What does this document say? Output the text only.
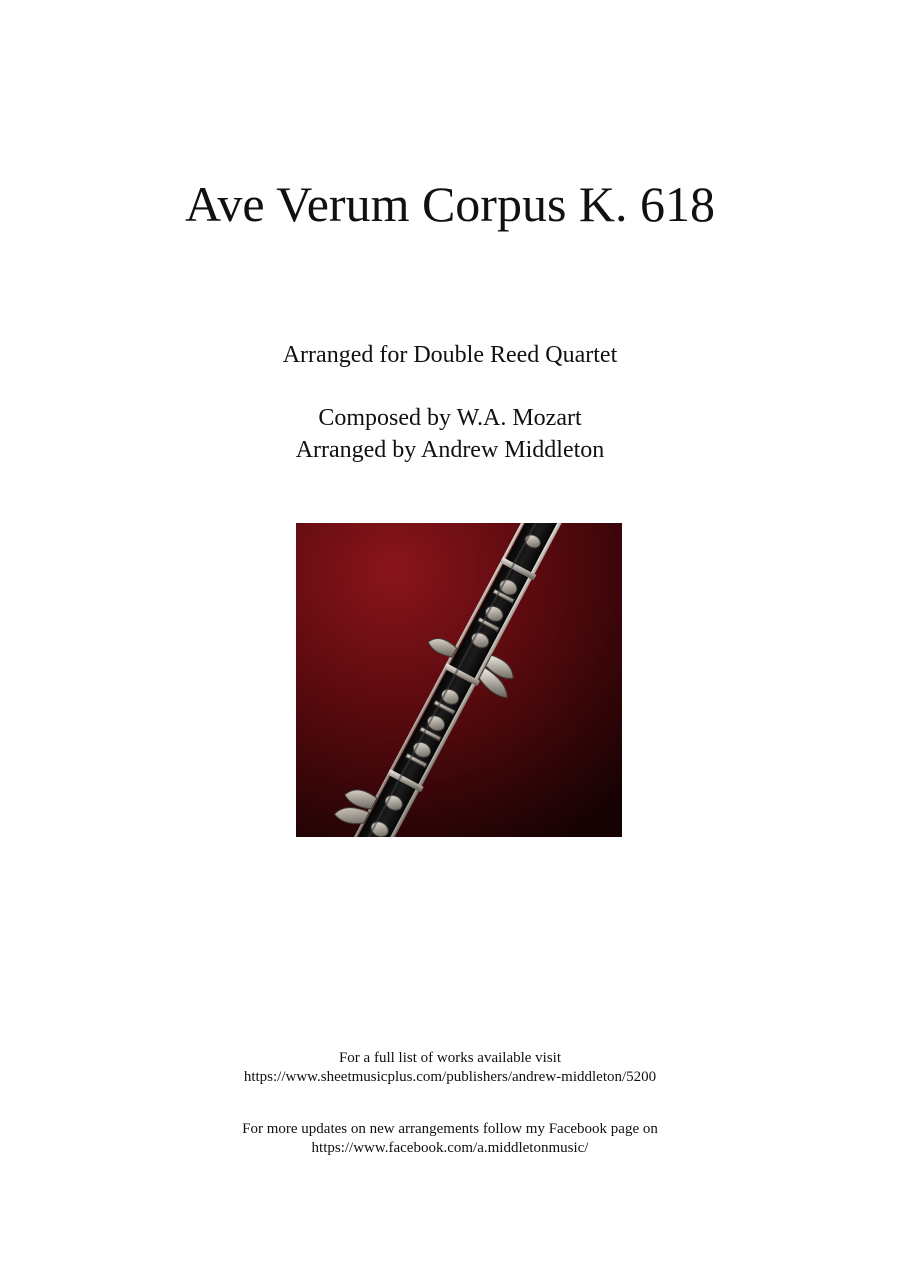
Ave Verum Corpus K. 618

Arranged for Double Reed Quartet

Composed by W.A. Mozart

Arranged by Andrew Middleton

For a full list of works available visit

https://www.sheetmusicplus.com/publishers/andrew-middleton/5200

For more updates on new arrangements follow my Facebook page on

https://www.facebook.com/a.middletonmusic/
